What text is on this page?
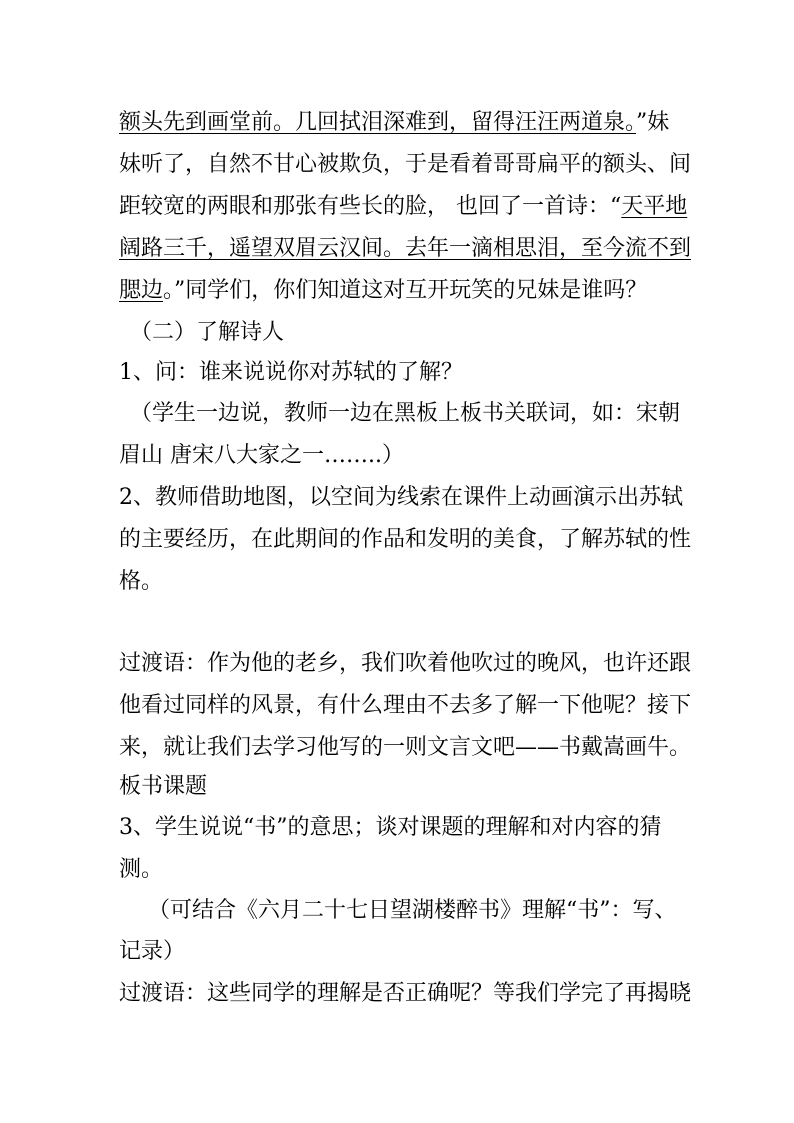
额头先到画堂前。几回拭泪深难到，留得汪汪两道泉。”妹
妹听了，自然不甘心被欺负，于是看着哥哥扁平的额头、间
距较宽的两眼和那张有些长的脸， 也回了一首诗：“天平地
阔路三千，遥望双眉云汉间。去年一滴相思泪，至今流不到
腮边。”同学们，你们知道这对互开玩笑的兄妹是谁吗？
（二）了解诗人
1、问：谁来说说你对苏轼的了解？
（学生一边说，教师一边在黑板上板书关联词，如：宋朝
眉山 唐宋八大家之一……..）
2、教师借助地图，以空间为线索在课件上动画演示出苏轼
的主要经历，在此期间的作品和发明的美食，了解苏轼的性
格。
过渡语：作为他的老乡，我们吹着他吹过的晚风，也许还跟
他看过同样的风景，有什么理由不去多了解一下他呢？接下
来，就让我们去学习他写的一则文言文吧——书戴嵩画牛。
板书课题
3、学生说说“书”的意思；谈对课题的理解和对内容的猜
测。
（可结合《六月二十七日望湖楼醉书》理解“书”：写、
记录）
过渡语：这些同学的理解是否正确呢？等我们学完了再揭晓
